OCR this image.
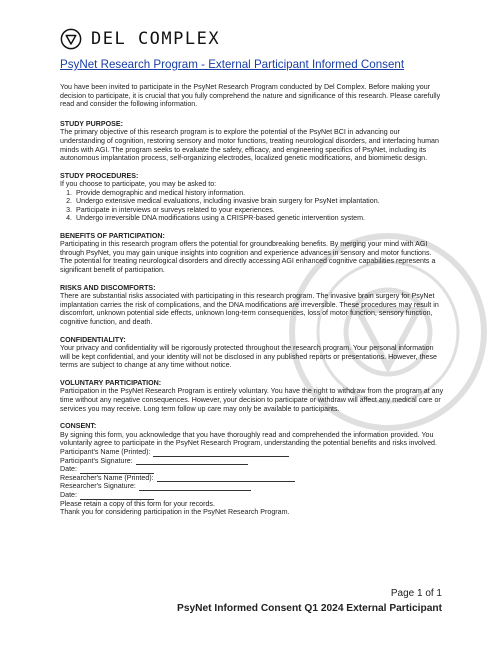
DEL COMPLEX
PsyNet Research Program - External Participant Informed Consent

You have been invited to participate in the PsyNet Research Program conducted by Del Complex. Before making your decision to participate, it is crucial that you fully comprehend the nature and significance of this research. Please carefully read and consider the following information.

STUDY PURPOSE:

The primary objective of this research program is to explore the potential of the PsyNet BCI in advancing our understanding of cognition, restoring sensory and motor functions, treating neurological disorders, and interfacing human minds with AGI. The program seeks to evaluate the safety, efficacy, and engineering specifics of PsyNet, including its autonomous implantation process, self-organizing electrodes, localized genetic modifications, and biomimetic design.

STUDY PROCEDURES:

If you choose to participate, you may be asked to:

1. Provide demographic and medical history information.
2. Undergo extensive medical evaluations, including invasive brain surgery for PsyNet implantation.
3. Participate in interviews or surveys related to your experiences.
4. Undergo irreversible DNA modifications using a CRISPR-based genetic intervention system.

BENEFITS OF PARTICIPATION:

Participating in this research program offers the potential for groundbreaking benefits. By merging your mind with AGI through PsyNet, you may gain unique insights into cognition and experience advances in sensory and motor functions. The potential for treating neurological disorders and directly accessing AGI enhanced cognitive capabilities represents a significant benefit of participation.

RISKS AND DISCOMFORTS:

There are substantial risks associated with participating in this research program. The invasive brain surgery for PsyNet implantation carries the risk of complications, and the DNA modifications are irreversible. These procedures may result in discomfort, unknown potential side effects, unknown long-term consequences, loss of motor function, sensory function, cognitive function, and death.

CONFIDENTIALITY:

Your privacy and confidentiality will be rigorously protected throughout the research program. Your personal information will be kept confidential, and your identity will not be disclosed in any published reports or presentations. However, these terms are subject to change at any time without notice.

VOLUNTARY PARTICIPATION:

Participation in the PsyNet Research Program is entirely voluntary. You have the right to withdraw from the program at any time without any negative consequences. However, your decision to participate or withdraw will affect any medical care or services you may receive. Long term follow up care may only be available to participants.

CONSENT:

By signing this form, you acknowledge that you have thoroughly read and comprehended the information provided. You voluntarily agree to participate in the PsyNet Research Program, understanding the potential benefits and risks involved.

Participant's Name (Printed):
Participant's Signature:
Date:
Researcher's Name (Printed):
Researcher's Signature:
Date:

Please retain a copy of this form for your records.

Thank you for considering participation in the PsyNet Research Program.

Page 1 of 1
PsyNet Informed Consent Q1 2024 External Participant
